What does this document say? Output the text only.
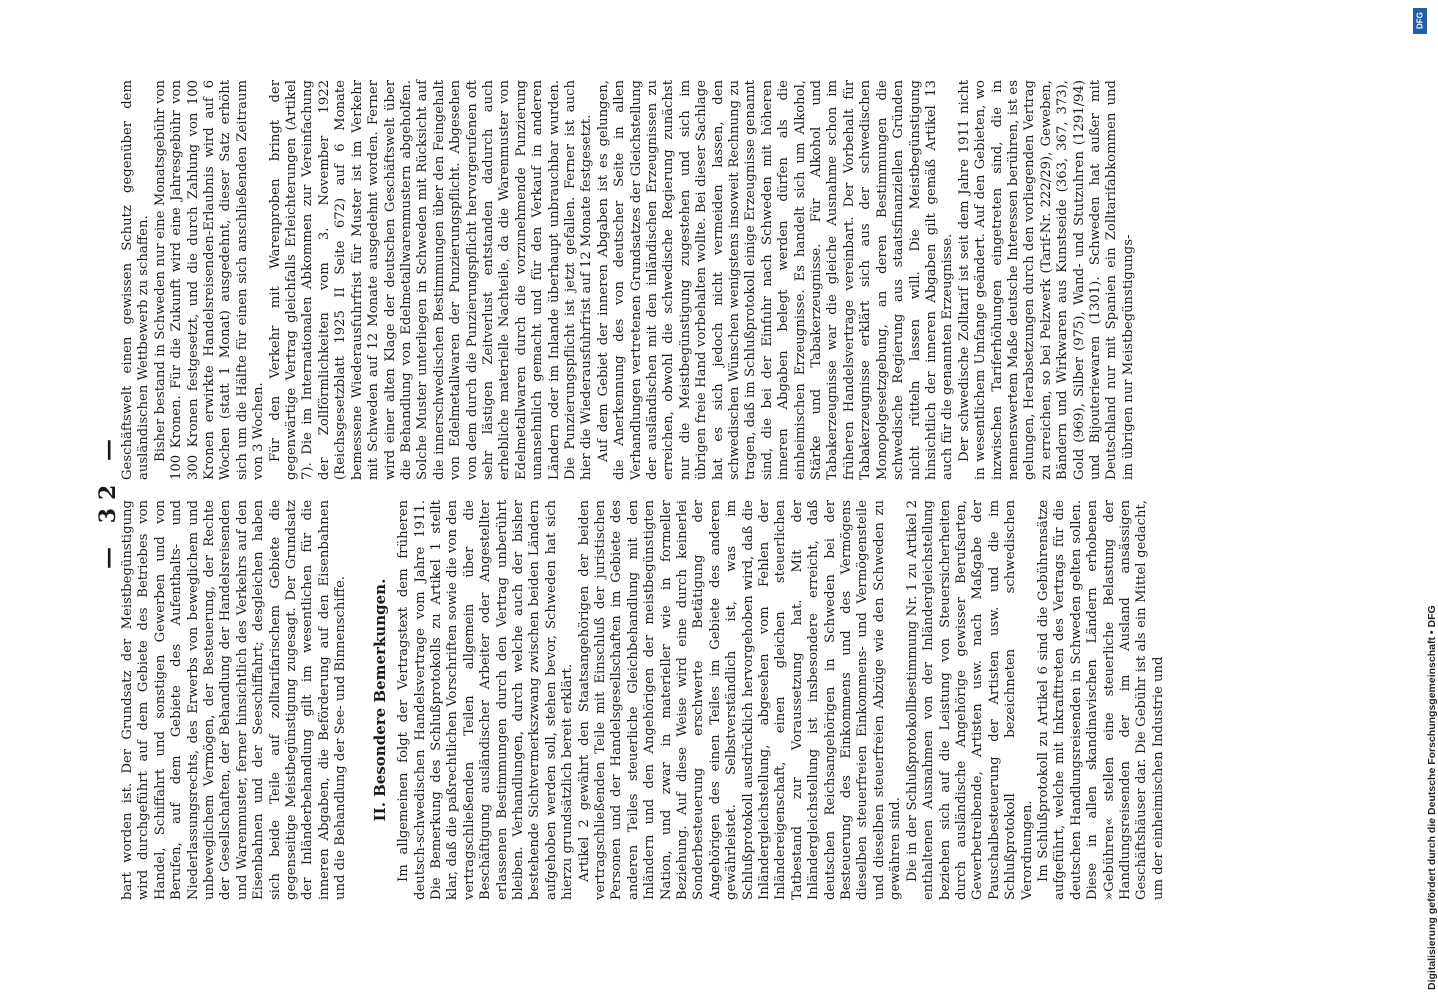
— 32 — bart worden ist. Der Grundsatz der Meistbegünstigung wird durchgeführt auf dem Gebiete des Betriebes von Handel, Schiffahrt und sonstigen Gewerben und von Berufen, auf dem Gebiete des Aufenthalts- und Niederlassungsrechts, des Erwerbs von beweglichem und unbeweglichem Vermögen, der Besteuerung, der Rechte der Gesellschaften, der Behandlung der Handelsreisenden und Warenmuster, ferner hinsichtlich des Verkehrs auf den Eisenbahnen und der Seeschiffahrt; desgleichen haben sich beide Teile auf zolltarifarischem Gebiete die gegenseitige Meistbegünstigung zugesagt. Der Grundsatz der Inländerbehandlung gilt im wesentlichen für die inneren Abgaben, die Beförderung auf den Eisenbahnen und die Behandlung der See- und Binnenschiffe. II. Besondere Bemerkungen. Im allgemeinen folgt der Vertragstext dem früheren deutsch-schwedischen Handelsvertrage vom Jahre 1911. Die Bemerkung des Schlußprotokolls zu Artikel 1 stellt klar, daß die paßrechtlichen Vorschriften sowie die von den vertragschließenden Teilen allgemein über die Beschäftigung ausländischer Arbeiter oder Angestellter erlassenen Bestimmungen durch den Vertrag unberührt bleiben. Verhandlungen, durch welche auch der bisher bestehende Sichtvermerkszwang zwischen beiden Ländern aufgehoben werden soll, stehen bevor, Schweden hat sich hierzu grundsätzlich bereit erklärt. Artikel 2 gewährt den Staatsangehörigen der beiden vertragschließenden Teile mit Einschluß der juristischen Personen und der Handelsgesellschaften im Gebiete des anderen Teiles steuerliche Gleichbehandlung mit den Inländern und den Angehörigen der meistbegünstigten Nation, und zwar in materieller wie in formeller Beziehung. Auf diese Weise wird eine durch keinerlei Sonderbesteuerung erschwerte Betätigung der Angehörigen des einen Teiles im Gebiete des anderen gewährleistet. Selbstverständlich ist, was im Schlußprotokoll ausdrücklich hervorgehoben wird, daß die Inländergleichstellung, abgesehen vom Fehlen der Inländereigenschaft, einen gleichen steuerlichen Tatbestand zur Voraussetzung hat. Mit der Inländergleichstellung ist insbesondere erreicht, daß deutschen Reichsangehörigen in Schweden bei der Besteuerung des Einkommens und des Vermögens dieselben steuerfreien Einkommens- und Vermögensteile und dieselben steuerfreien Abzüge wie den Schweden zu gewähren sind. Die in der Schlußprotokollbestimmung Nr. 1 zu Artikel 2 enthaltenen Ausnahmen von der Inländergleichstellung beziehen sich auf die Leistung von Steuersicherheiten durch ausländische Angehörige gewisser Berufsarten, Gewerbetreibende, Artisten usw. nach Maßgabe der Pauschalbesteuerung der Artisten usw. und die im Schlußprotokoll bezeichneten schwedischen Verordnungen. Im Schlußprotokoll zu Artikel 6 sind die Gebührensätze aufgeführt, welche mit Inkrafttreten des Vertrags für die deutschen Handlungsreisenden in Schweden gelten sollen. Diese in allen skandinavischen Ländern erhobenen »Gebühren« stellen eine steuerliche Belastung der Handlungsreisenden der im Ausland ansässigen Geschäftshäuser dar. Die Gebühr ist als ein Mittel gedacht, um der einheimischen Industrie und

Geschäftswelt einen gewissen Schutz gegenüber dem ausländischen Wettbewerb zu schaffen. Bisher bestand in Schweden nur eine Monatsgebühr von 100 Kronen. Für die Zukunft wird eine Jahresgebühr von 300 Kronen festgesetzt, und die durch Zahlung von 100 Kronen erwirkte Handelsreisenden-Erlaubnis wird auf 6 Wochen (statt 1 Monat) ausgedehnt, dieser Satz erhöht sich um die Hälfte für einen sich anschließenden Zeitraum von 3 Wochen. Für den Verkehr mit Warenproben bringt der gegenwärtige Vertrag gleichfalls Erleichterungen (Artikel 7). Die im Internationalen Abkommen zur Vereinfachung der Zollförmlichkeiten vom 3. November 1922 (Reichsgesetzblatt 1925 II Seite 672) auf 6 Monate bemessene Wiederausfuhrfrist für Muster ist im Verkehr mit Schweden auf 12 Monate ausgedehnt worden. Ferner wird einer alten Klage der deutschen Geschäftswelt über die Behandlung von Edelmetallwarenmustern abgeholfen. Solche Muster unterliegen in Schweden mit Rücksicht auf die innerschwedischen Bestimmungen über den Feingehalt von Edelmetallwaren der Punzierungspflicht. Abgesehen von dem durch die Punzierungspflicht hervorgerufenen oft sehr lästigen Zeitverlust entstanden dadurch auch erhebliche materielle Nachteile, da die Warenmuster von Edelmetallwaren durch die vorzunehmende Punzierung unansehnlich gemacht und für den Verkauf in anderen Ländern oder im Inlande überhaupt unbrauchbar wurden. Die Punzierungspflicht ist jetzt gefallen. Ferner ist auch hier die Wiederausfuhrfrist auf 12 Monate festgesetzt. Auf dem Gebiet der inneren Abgaben ist es gelungen, die Anerkennung des von deutscher Seite in allen Verhandlungen vertretenen Grundsatzes der Gleichstellung der ausländischen mit den inländischen Erzeugnissen zu erreichen, obwohl die schwedische Regierung zunächst nur die Meistbegünstigung zugestehen und sich im übrigen freie Hand vorbehalten wollte. Bei dieser Sachlage hat es sich jedoch nicht vermeiden lassen, den schwedischen Wünschen wenigstens insoweit Rechnung zu tragen, daß im Schlußprotokoll einige Erzeugnisse genannt sind, die bei der Einfuhr nach Schweden mit höheren inneren Abgaben belegt werden dürfen als die einheimischen Erzeugnisse. Es handelt sich um Alkohol, Stärke und Tabakerzeugnisse. Für Alkohol und Tabakerzeugnisse war die gleiche Ausnahme schon im früheren Handelsvertrage vereinbart. Der Vorbehalt für Tabakerzeugnisse erklärt sich aus der schwedischen Monopolgesetzgebung, an deren Bestimmungen die schwedische Regierung aus staatsfinanziellen Gründen nicht rütteln lassen will. Die Meistbegünstigung hinsichtlich der inneren Abgaben gilt gemäß Artikel 13 auch für die genannten Erzeugnisse. Der schwedische Zolltarif ist seit dem Jahre 1911 nicht in wesentlichem Umfange geändert. Auf den Gebieten, wo inzwischen Tariferhöhungen eingetreten sind, die in nennenswertem Maße deutsche Interessen berühren, ist es gelungen, Herabsetzungen durch den vorliegenden Vertrag zu erreichen, so bei Pelzwerk (Tarif-Nr. 222/29), Geweben, Bändern und Wirkwaren aus Kunstseide (363, 367, 373), Gold (969), Silber (975), Wand- und Stutzuhren (1291/94) und Bijouteriewaren (1301). Schweden hat außer mit Deutschland nur mit Spanien ein Zolltarifabkommen und im übrigen nur Meistbegünstigungs-

Digitalisierung gefördert durch die Deutsche Forschungsgemeinschaft • DFG
DFG
